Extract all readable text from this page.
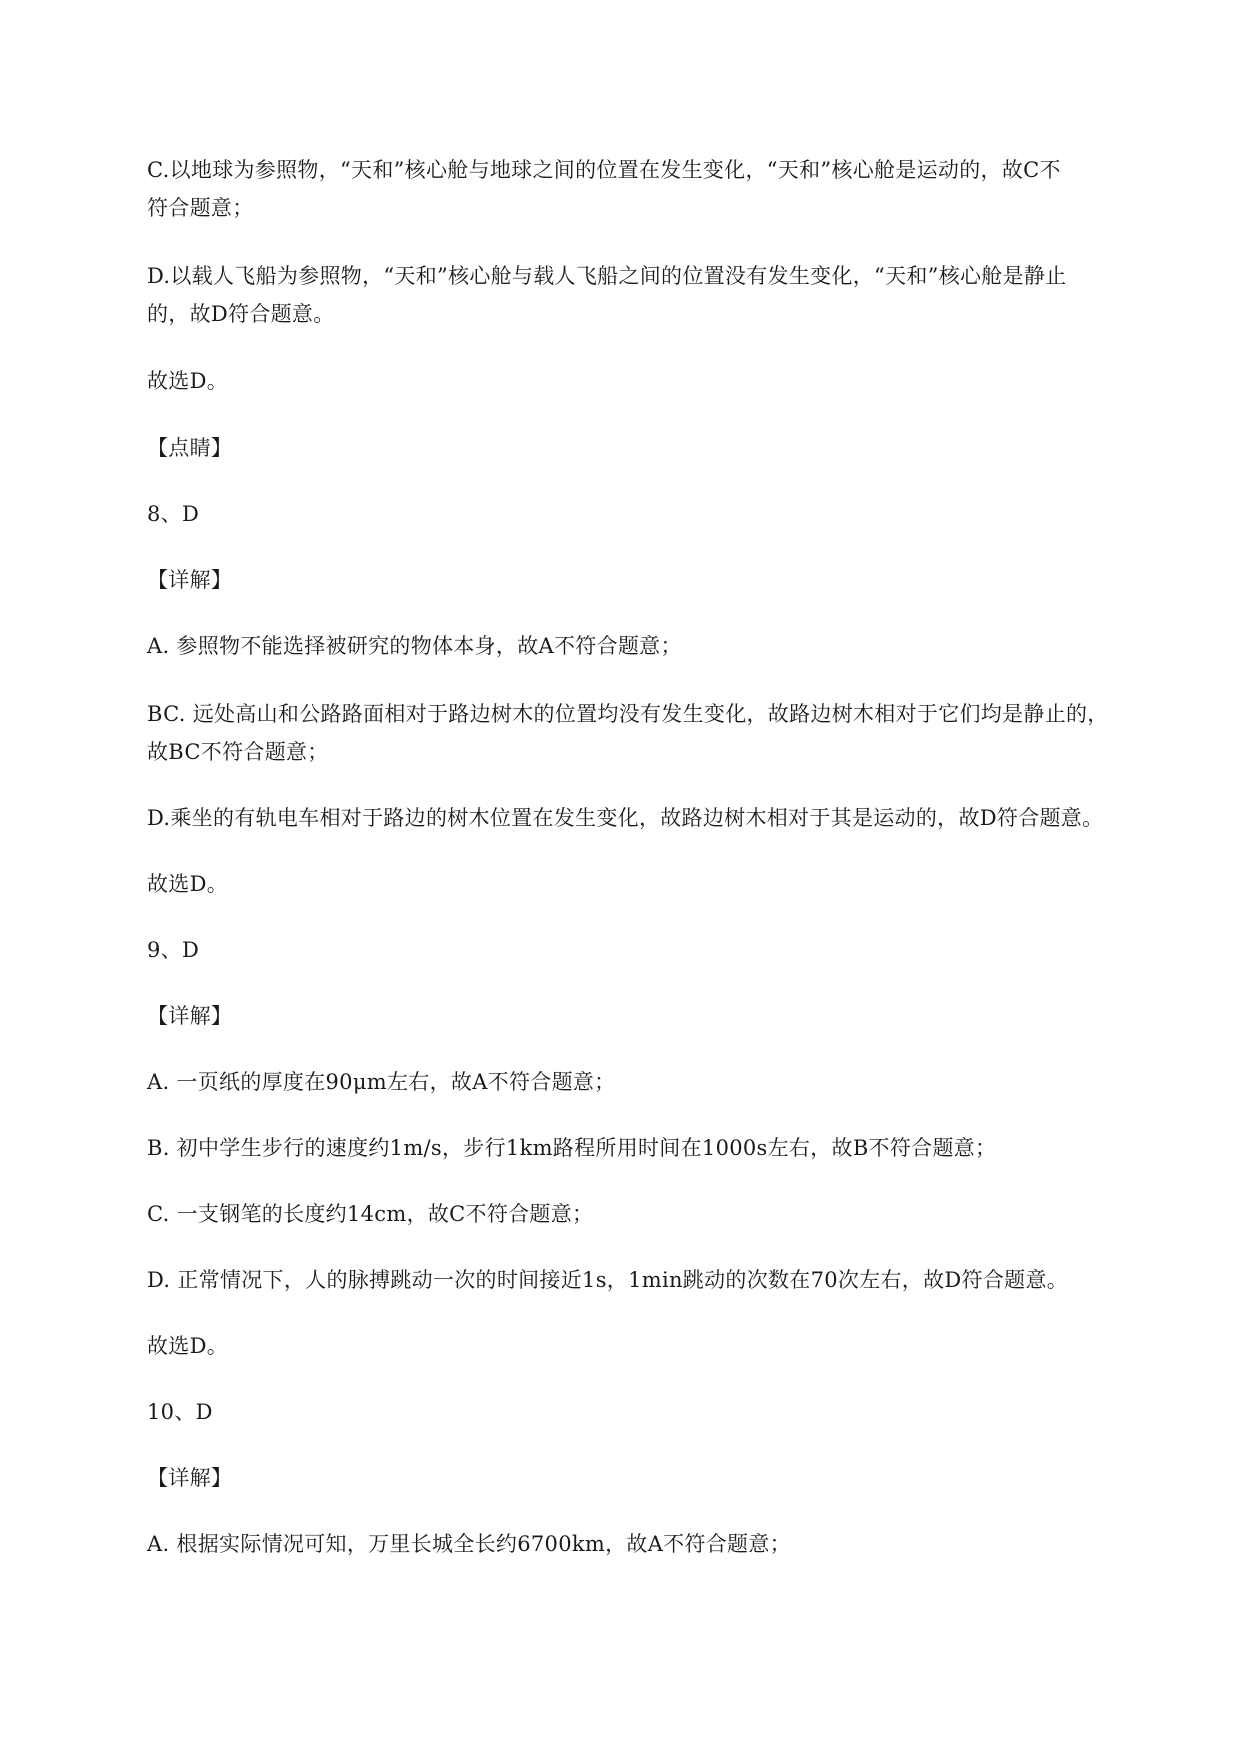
C.以地球为参照物，“天和”核心舱与地球之间的位置在发生变化，“天和”核心舱是运动的，故C不
符合题意；
D.以载人飞船为参照物，“天和”核心舱与载人飞船之间的位置没有发生变化，“天和”核心舱是静止
的，故D符合题意。
故选D。
【点睛】
8、D
【详解】
A. 参照物不能选择被研究的物体本身，故A不符合题意；
BC. 远处高山和公路路面相对于路边树木的位置均没有发生变化，故路边树木相对于它们均是静止的，
故BC不符合题意；
D.乘坐的有轨电车相对于路边的树木位置在发生变化，故路边树木相对于其是运动的，故D符合题意。
故选D。
9、D
【详解】
A. 一页纸的厚度在90μm左右，故A不符合题意；
B. 初中学生步行的速度约1m/s，步行1km路程所用时间在1000s左右，故B不符合题意；
C. 一支钢笔的长度约14cm，故C不符合题意；
D. 正常情况下，人的脉搏跳动一次的时间接近1s，1min跳动的次数在70次左右，故D符合题意。
故选D。
10、D
【详解】
A. 根据实际情况可知，万里长城全长约6700km，故A不符合题意；
